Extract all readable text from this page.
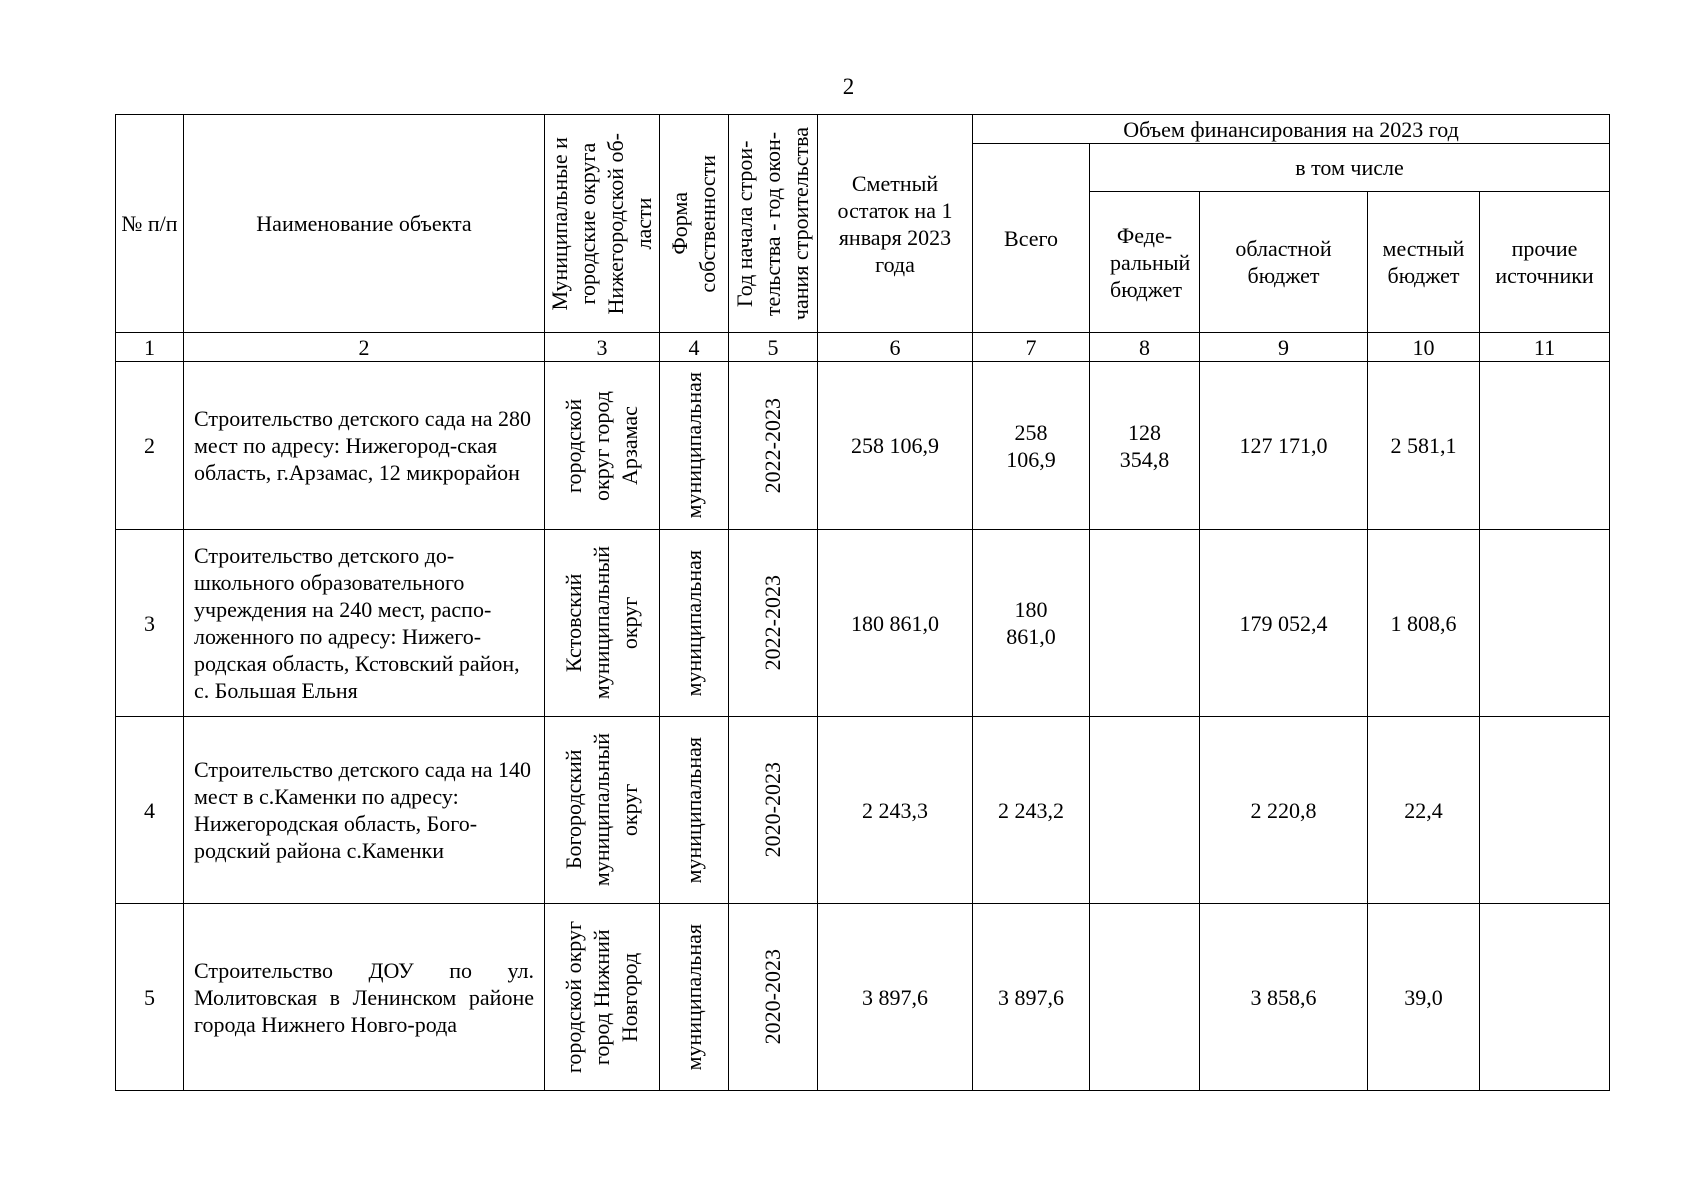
2
№ п/п	Наименование объекта	Муниципальные и городские округа Нижегородской об- ласти	Форма собственности	Год начала строи- тельства - год окон- чания строительства	Сметный остаток на 1 января 2023 года	Объем финансирования на 2023 год				
						Всего	в том числе			

							Феде-ральный бюджет	областной бюджет	местный бюджет	прочие источники

1	2	3	4	5	6	7	8	9	10	11
2	Строительство детского сада на 280 мест по адресу: Нижегород-ская область, г.Арзамас, 12 микрорайон	городской округ город Арзамас	муниципальная	2022-2023	258 106,9	258 106,9	128 354,8	127 171,0	2 581,1	
3	Строительство детского до-школьного образовательного учреждения на 240 мест, распо-ложенного по адресу: Нижего-родская область, Кстовский район, с. Большая Ельня	Кстовский муниципальный округ	муниципальная	2022-2023	180 861,0	180 861,0		179 052,4	1 808,6	
4	Строительство детского сада на 140 мест в с.Каменки по адресу: Нижегородская область, Бого-родский района с.Каменки	Богородский муниципальный округ	муниципальная	2020-2023	2 243,3	2 243,2		2 220,8	22,4	
5	Строительство ДОУ по ул. Молитовская в Ленинском районе города Нижнего Новго-рода	городской округ город Нижний Новгород	муниципальная	2020-2023	3 897,6	3 897,6		3 858,6	39,0	
